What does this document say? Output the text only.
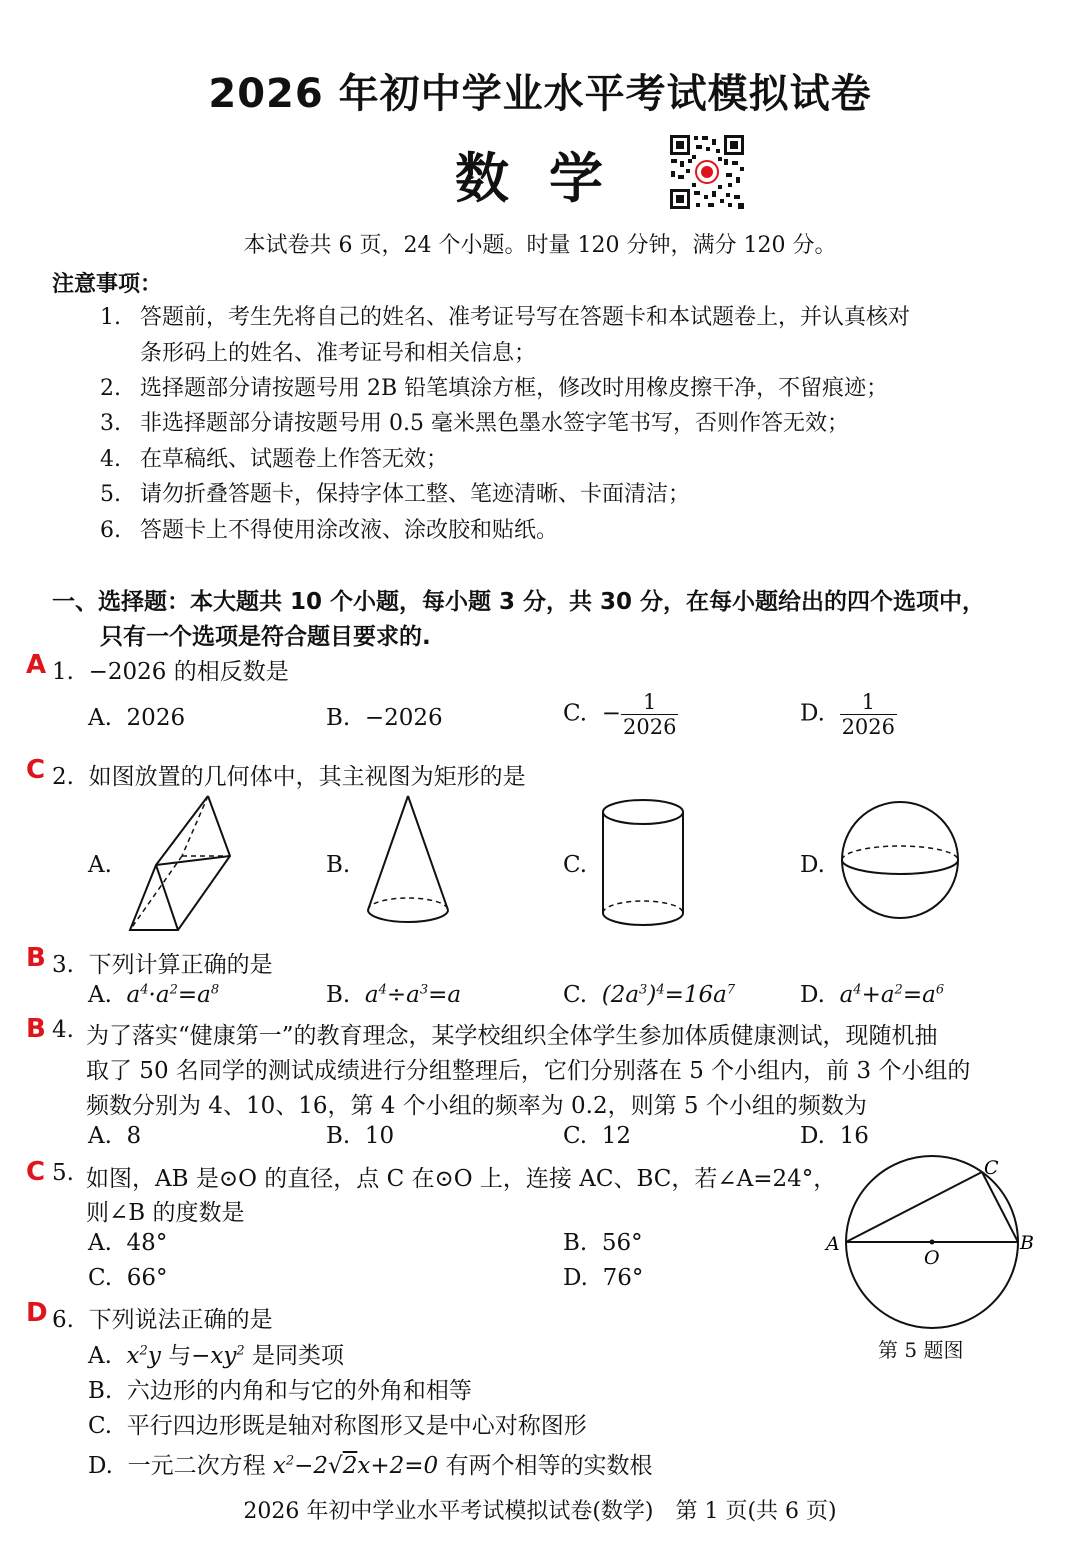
2026 年初中学业水平考试模拟试卷
数学
本试卷共 6 页，24 个小题。时量 120 分钟，满分 120 分。
注意事项：
1. 答题前，考生先将自己的姓名、准考证号写在答题卡和本试题卷上，并认真核对
条形码上的姓名、准考证号和相关信息；
2. 选择题部分请按题号用 2B 铅笔填涂方框，修改时用橡皮擦干净，不留痕迹；
3. 非选择题部分请按题号用 0.5 毫米黑色墨水签字笔书写，否则作答无效；
4. 在草稿纸、试题卷上作答无效；
5. 请勿折叠答题卡，保持字体工整、笔迹清晰、卡面清洁；
6. 答题卡上不得使用涂改液、涂改胶和贴纸。
一、选择题：本大题共 10 个小题，每小题 3 分，共 30 分，在每小题给出的四个选项中，
只有一个选项是符合题目要求的.
A 1. −2026 的相反数是
A. 2026	B. −2026	C. − $\frac{1}{2026}$	D. $\frac{1}{2026}$
C 2. 如图放置的几何体中，其主视图为矩形的是
A.	B.	C.	D.
B 3. 下列计算正确的是
A. $a^4\cdot a^2=a^8$	B. $a^4\div a^3=a$	C. $(2a^3)^4=16a^7$	D. $a^4+a^2=a^6$
B 4. 为了落实“健康第一”的教育理念，某学校组织全体学生参加体质健康测试，现随机抽
取了 50 名同学的测试成绩进行分组整理后，它们分别落在 5 个小组内，前 3 个小组的
频数分别为 4、10、16，第 4 个小组的频率为 0.2，则第 5 个小组的频数为
A. 8	B. 10	C. 12	D. 16
C 5. 如图，AB 是⊙O 的直径，点 C 在⊙O 上，连接 AC、BC，若∠A=24°，
则∠B 的度数是
A. 48°	B. 56°
C. 66°	D. 76°
A	B
C
O
第 5 题图
D 6. 下列说法正确的是
A. $x^2y$ 与$-xy^2$ 是同类项
B. 六边形的内角和与它的外角和相等
C. 平行四边形既是轴对称图形又是中心对称图形
D. 一元二次方程 $x^2-2√2x+2=0$ 有两个相等的实数根
2026 年初中学业水平考试模拟试卷(数学)　第 1 页(共 6 页)
